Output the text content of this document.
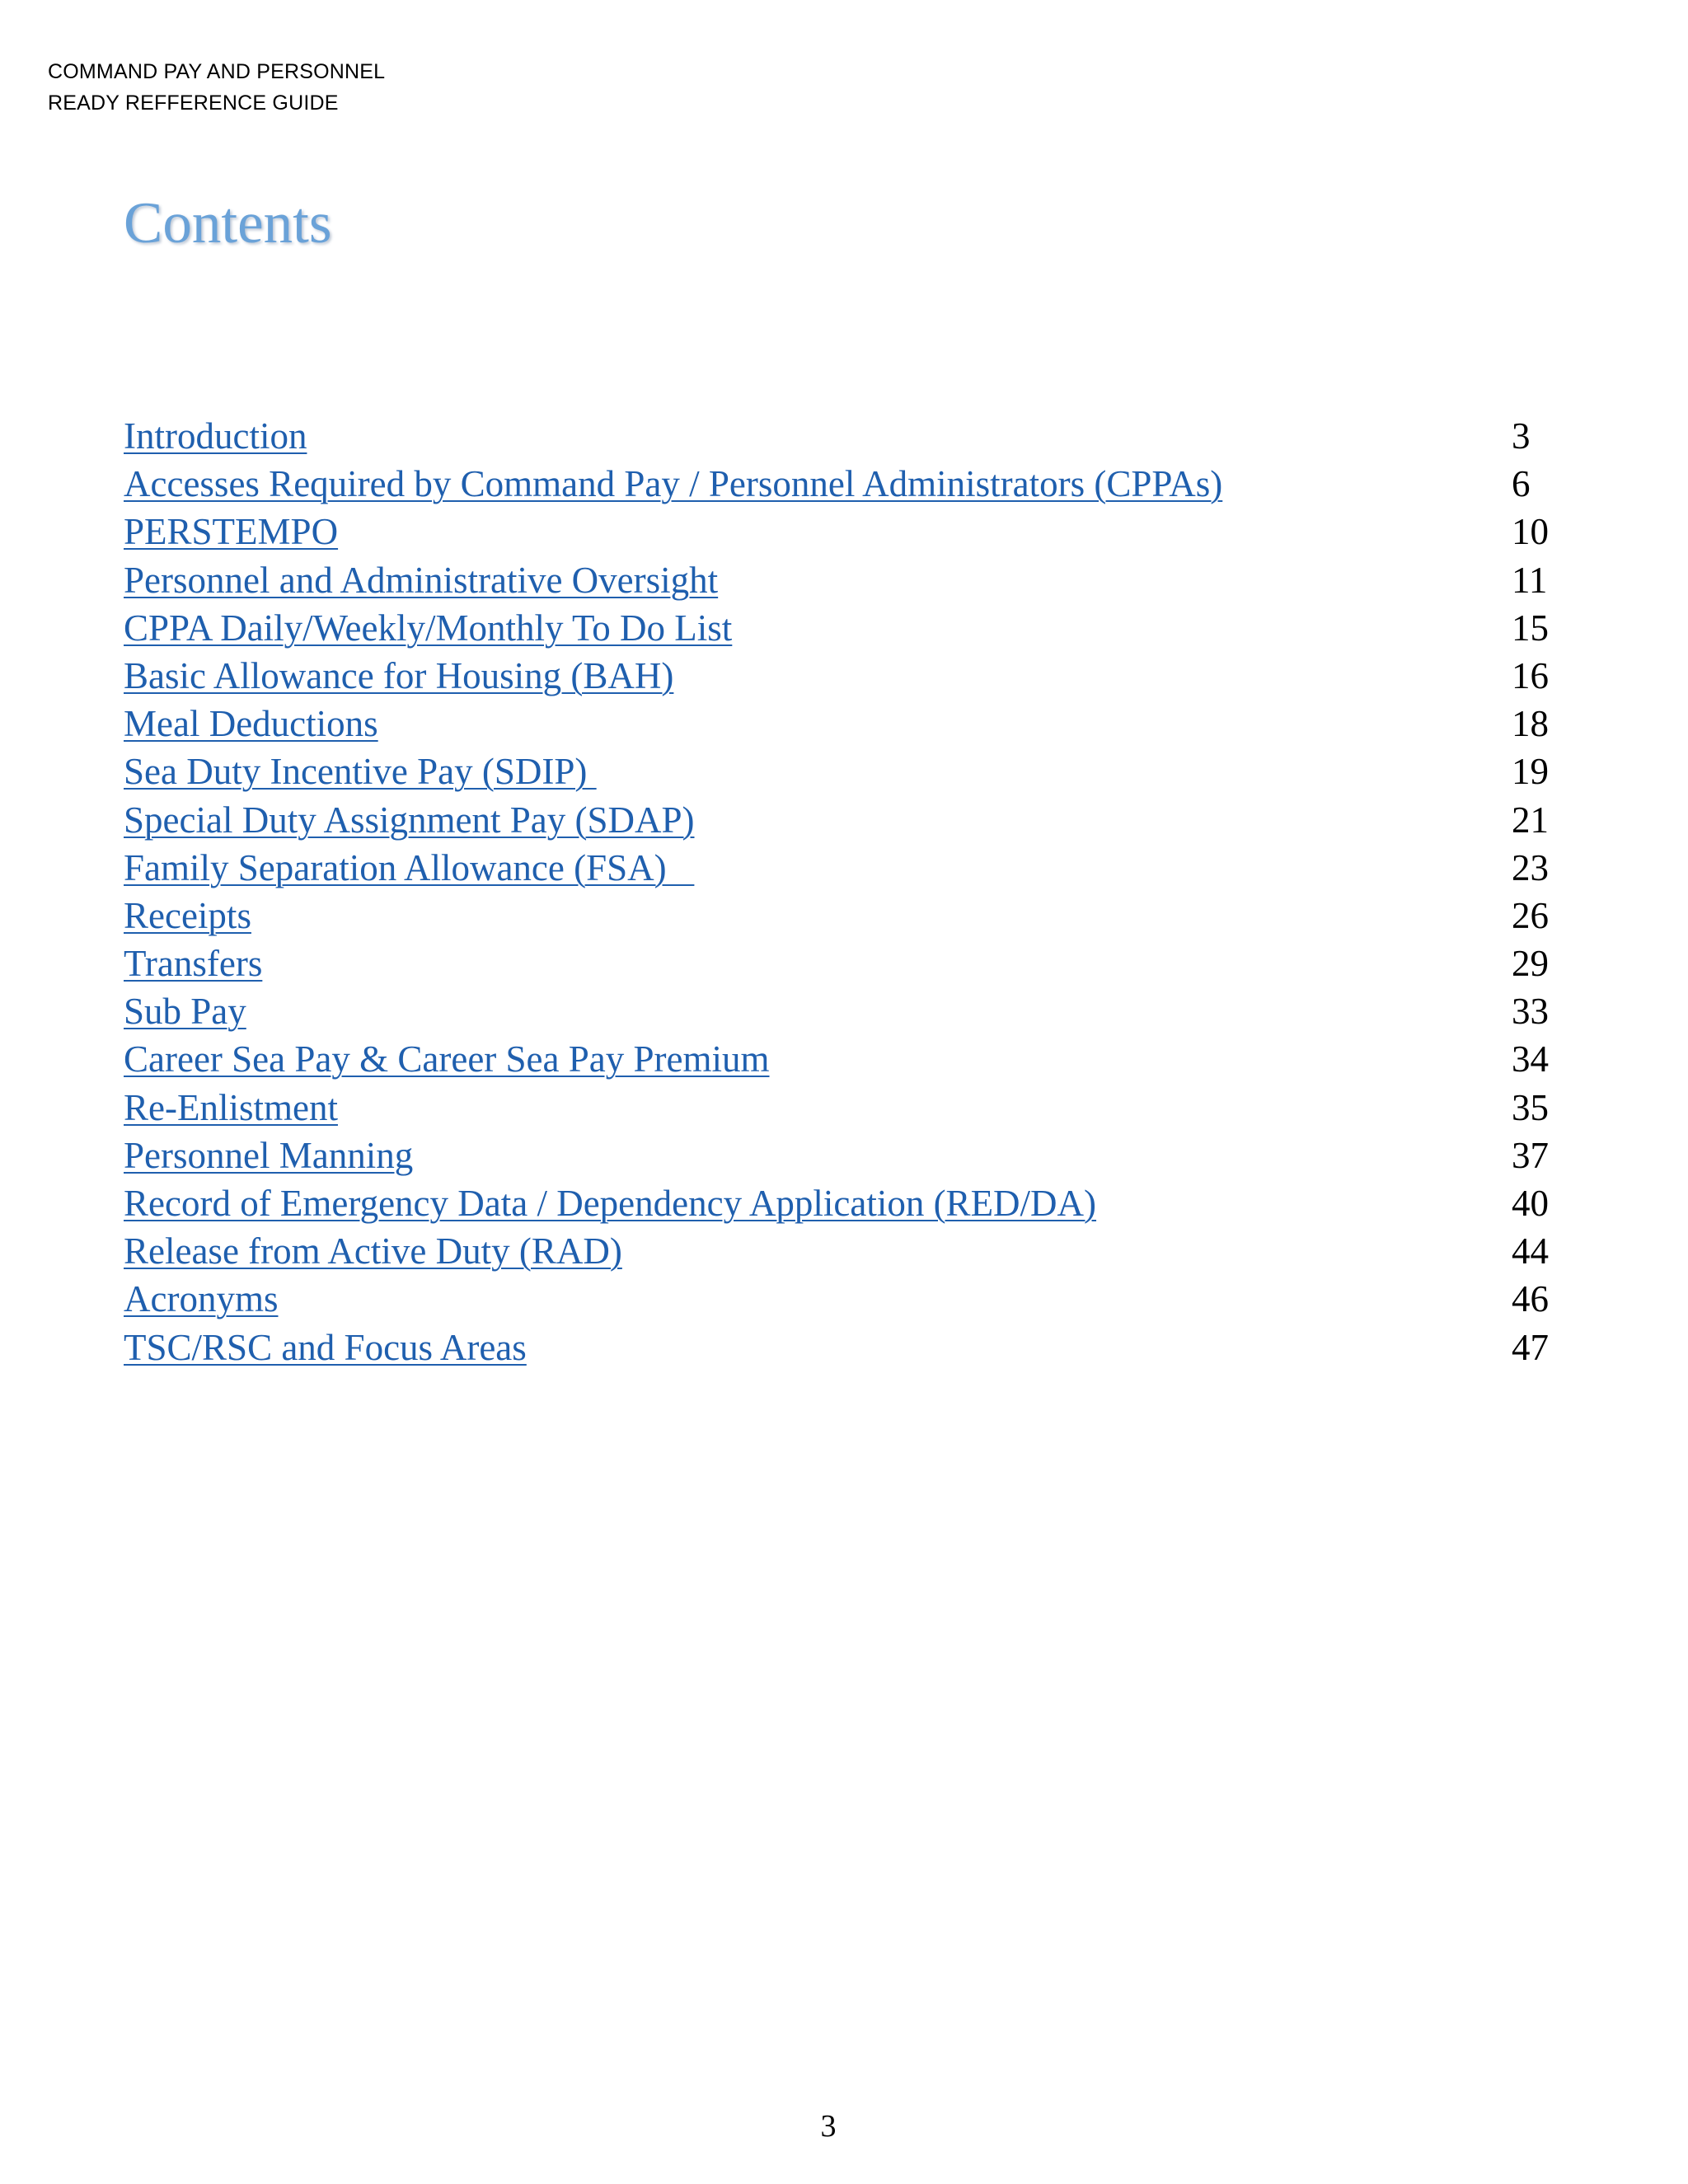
COMMAND PAY AND PERSONNEL
READY REFFERENCE GUIDE
Contents
Introduction	3
Accesses Required by Command Pay / Personnel Administrators (CPPAs)	6
PERSTEMPO	10
Personnel and Administrative Oversight	11
CPPA Daily/Weekly/Monthly To Do List	15
Basic Allowance for Housing (BAH)	16
Meal Deductions	18
Sea Duty Incentive Pay (SDIP)	19
Special Duty Assignment Pay (SDAP)	21
Family Separation Allowance (FSA)	23
Receipts	26
Transfers	29
Sub Pay	33
Career Sea Pay & Career Sea Pay Premium	34
Re-Enlistment	35
Personnel Manning	37
Record of Emergency Data / Dependency Application (RED/DA)	40
Release from Active Duty (RAD)	44
Acronyms	46
TSC/RSC and Focus Areas	47
3
